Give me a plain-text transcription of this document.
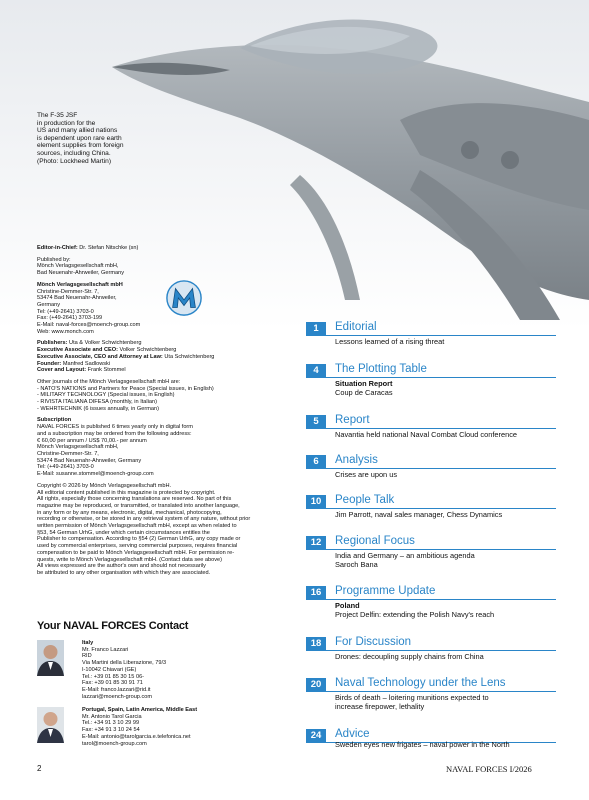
The F-35 JSF
in production for the
US and many allied nations
is dependent upon rare earth
element supplies from foreign
sources, including China.
(Photo: Lockheed Martin)
Editor-in-Chief: Dr. Stefan Nitschke (sn)
Published by:
Mönch Verlagsgesellschaft mbH,
Bad Neuenahr-Ahrweiler, Germany
Mönch Verlagsgesellschaft mbH
Christine-Demmer-Str. 7,
53474 Bad Neuenahr-Ahrweiler,
Germany
Tel: (+49-2641) 3703-0
Fax: (+49-2641) 3703-199
E-Mail: naval-forces@moench-group.com
Web: www.monch.com
Publishers: Uta & Volker Schwichtenberg
Executive Associate and CEO: Volker Schwichtenberg
Executive Associate, CEO and Attorney at Law: Uta Schwichtenberg
Founder: Manfred Sadlowski
Cover and Layout: Frank Stommel
Other journals of the Mönch Verlagsgesellschaft mbH are:
- NATO'S NATIONS and Partners for Peace (Special issues, in English)
- MILITARY TECHNOLOGY (Special issues, in English)
- RIVISTA ITALIANA DIFESA (monthly, in Italian)
- WEHRTECHNIK (6 issues annually, in German)
Subscription
NAVAL FORCES is published 6 times yearly only in digital form
and a subscription may be ordered from the following address:
€ 60,00 per annum / US$ 70,00.- per annum
Mönch Verlagsgesellschaft mbH,
Christine-Demmer-Str. 7,
53474 Bad Neuenahr-Ahrweiler, Germany
Tel: (+49-2641) 3703-0
E-Mail: susanne.stommel@moench-group.com
Copyright © 2026 by Mönch Verlagsgesellschaft mbH.
All editorial content published in this magazine is protected by copyright.
All rights, especially those concerning translations are reserved. No part of this
magazine may be reproduced, or transmitted, or translated into another language,
in any form or by any means, electronic, digital, mechanical, photocopying,
recording or otherwise, or be stored in any retrieval system of any nature, without prior
written permission of Mönch Verlagsgesellschaft mbH, except as when related to
§53, 54 German UrhG, under which certain circumstances entitles the
Publisher to compensation. According to §54 (2) German UrhG, any copy made or
used by commercial enterprises, serving commercial purposes, requires financial
compensation to be paid to Mönch Verlagsgesellschaft mbH. For permission re-
quests, write to Mönch Verlagsgesellschaft mbH. (Contact data see above)
All views expressed are the author's own and should not necessarily
be attributed to any other organisation with which they are associated.
Your NAVAL FORCES Contact
Italy
Mr. Franco Lazzari
RID
Via Martini della Liberazione, 79/3
I-10042 Chiavari (GE)
Tel.: +39 01 85 30 15 06-
Fax: +39 01 85 30 91 71
E-Mail: franco.lazzari@rid.it
lazzari@moench-group.com
Portugal, Spain, Latin America, Middle East
Mr. Antonio Tarol Garcia
Tel.: +34 91 3 10 29 99
Fax: +34 91 3 10 24 54
E-Mail: antonio@tarolgarcia.e.telefonica.net
tarol@moench-group.com
1	Editorial
Lessons learned of a rising threat
4	The Plotting Table
Situation Report
Coup de Caracas
5	Report
Navantia held national Naval Combat Cloud conference
6	Analysis
Crises are upon us
10	People Talk
Jim Parrott, naval sales manager, Chess Dynamics
12	Regional Focus
India and Germany – an ambitious agenda
Saroch Bana
16	Programme Update
Poland
Project Delfin: extending the Polish Navy's reach
18	For Discussion
Drones: decoupling supply chains from China
20	Naval Technology under the Lens
Birds of death – loitering munitions expected to
increase firepower, lethality
24	Advice
Sweden eyes new frigates – naval power in the North
2	NAVAL FORCES I/2026
